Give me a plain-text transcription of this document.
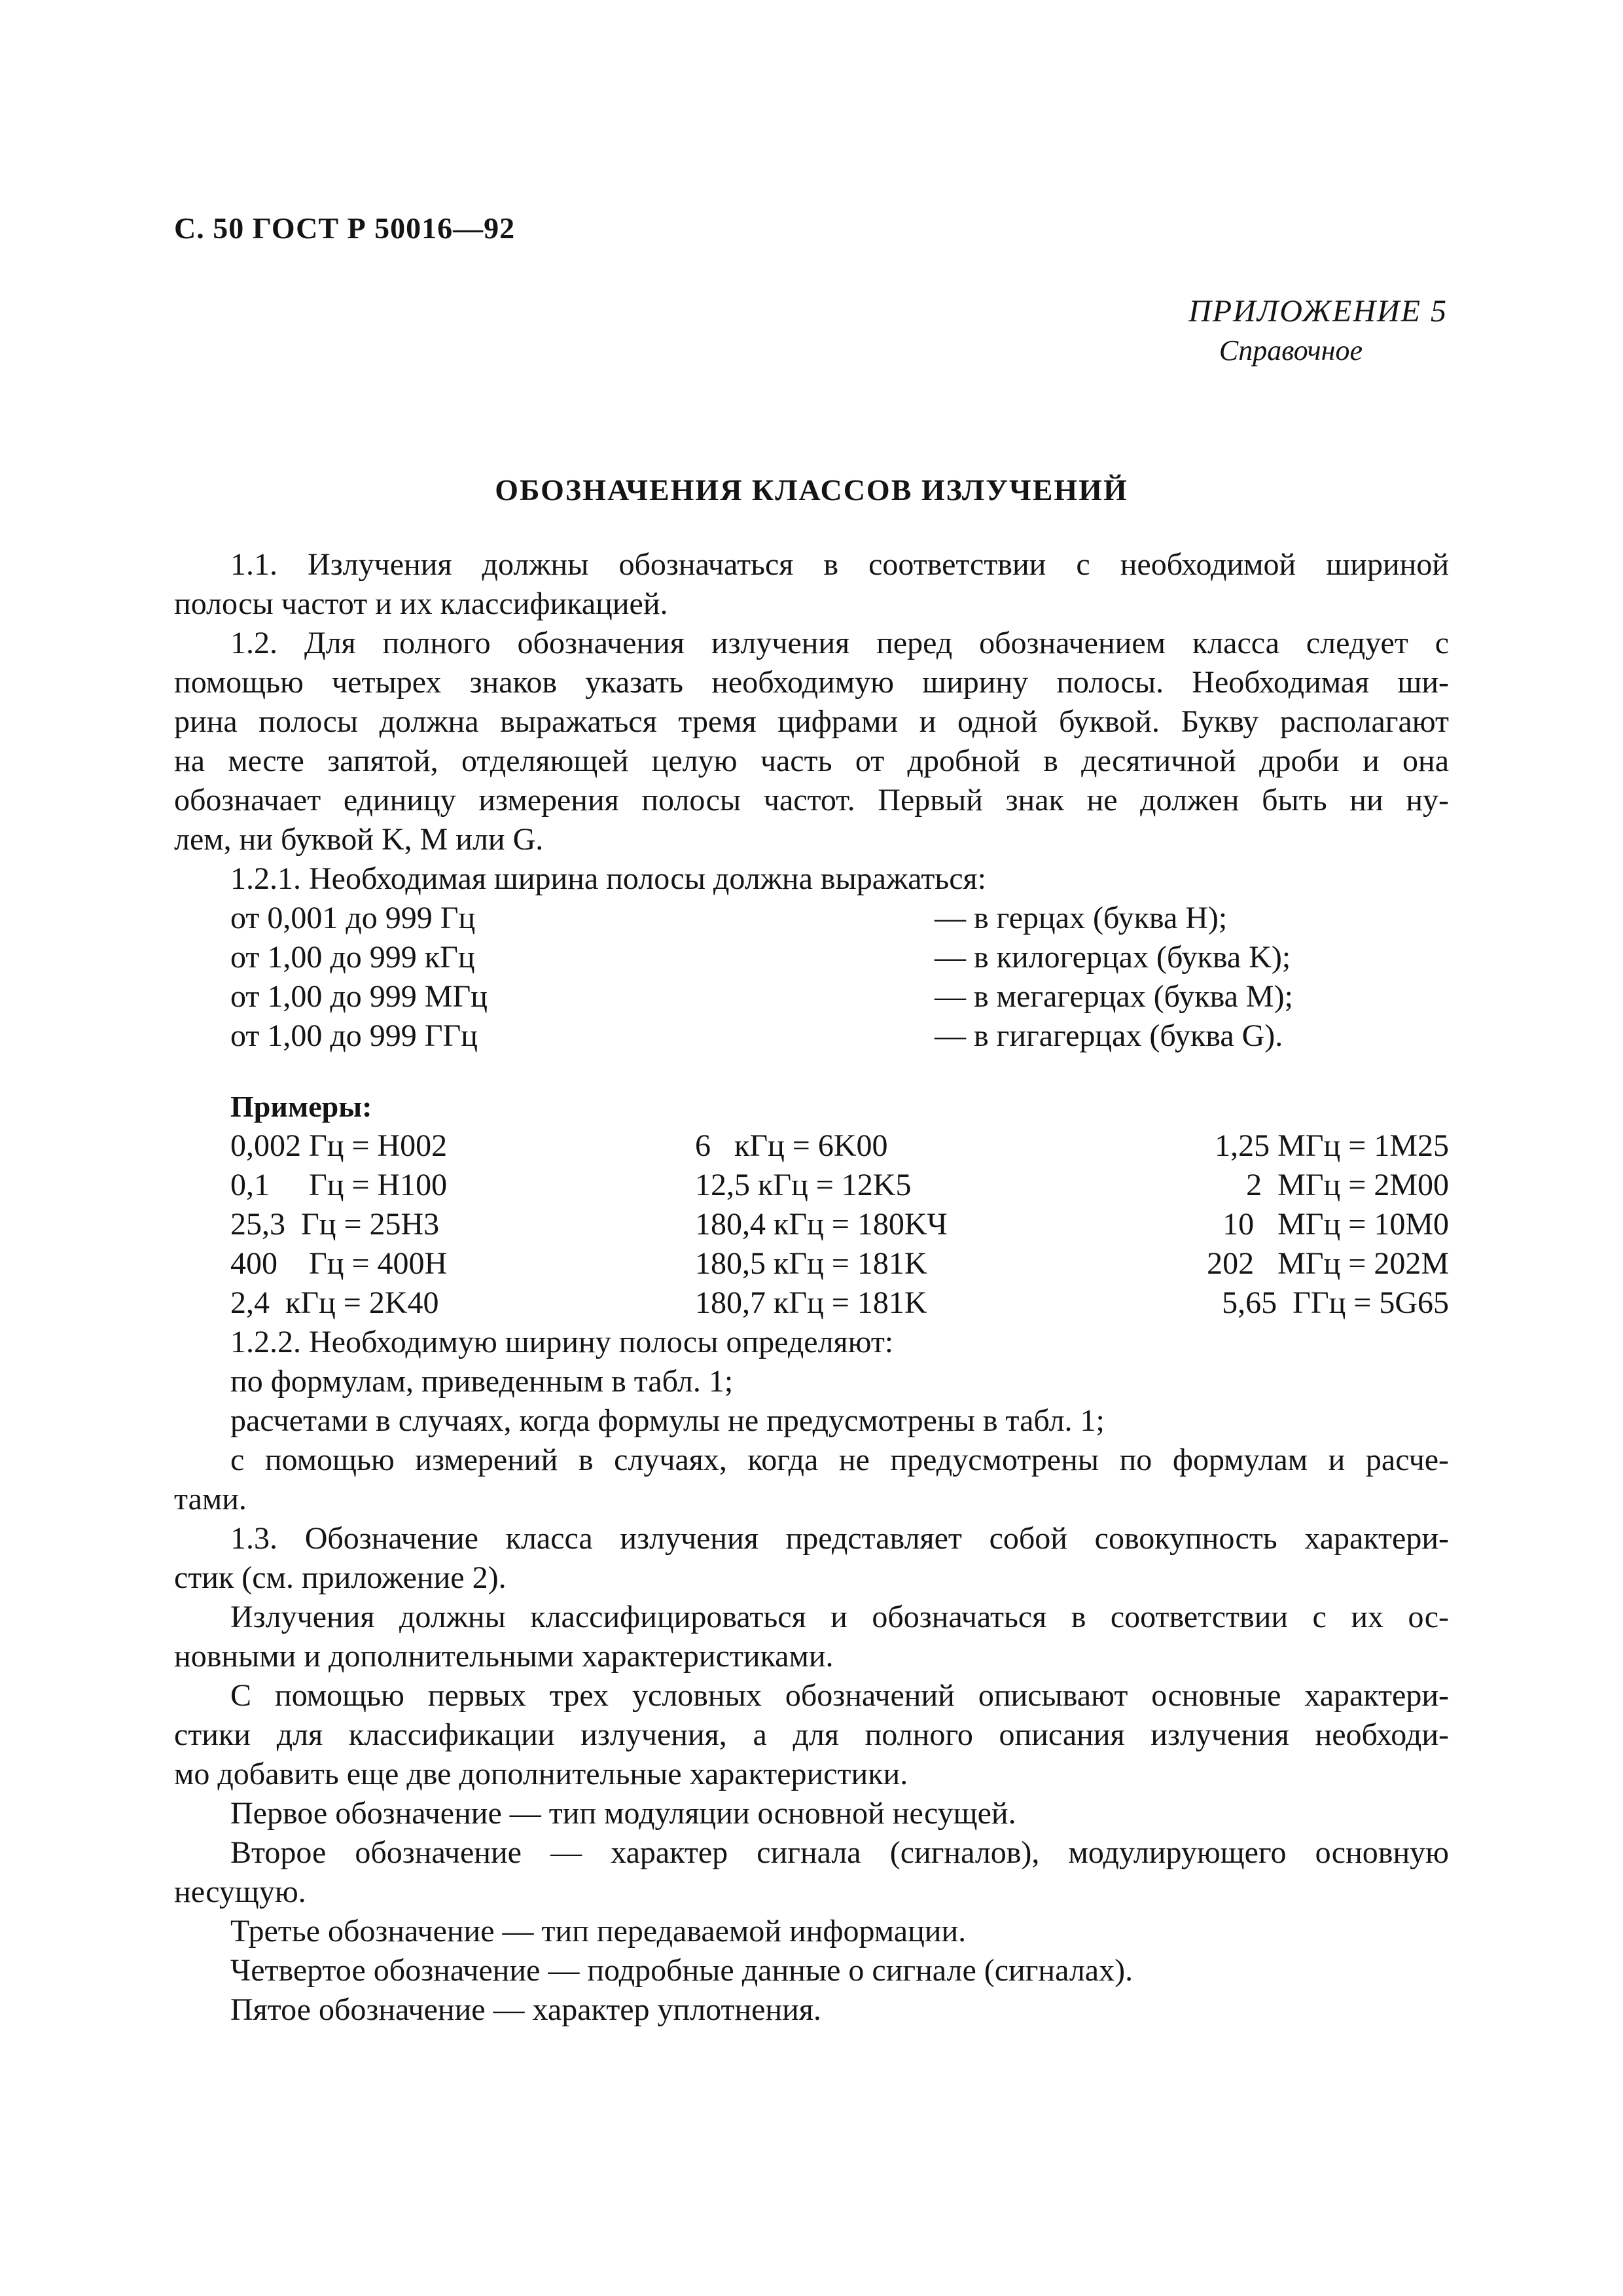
С. 50 ГОСТ Р 50016—92
ПРИЛОЖЕНИЕ 5
Справочное
ОБОЗНАЧЕНИЯ КЛАССОВ ИЗЛУЧЕНИЙ

1.1. Излучения должны обозначаться в соответствии с необходимой шириной

полосы частот и их классификацией.

1.2. Для полного обозначения излучения перед обозначением класса следует с

помощью четырех знаков указать необходимую ширину полосы. Необходимая ши-

рина полосы должна выражаться тремя цифрами и одной буквой. Букву располагают

на месте запятой, отделяющей целую часть от дробной в десятичной дроби и она

обозначает единицу измерения полосы частот. Первый знак не должен быть ни ну-

лем, ни буквой K, M или G.

1.2.1. Необходимая ширина полосы должна выражаться:

от 0,001 до 999 Гц	— в герцах (буква H);
от 1,00 до 999 кГц	— в килогерцах (буква K);
от 1,00 до 999 МГц	— в мегагерцах (буква M);
от 1,00 до 999 ГГц	— в гигагерцах (буква G).
Примеры:
0,002 Гц = H002	6   кГц = 6K00	1,25 МГц = 1M25
0,1     Гц = H100	12,5 кГц = 12K5	2  МГц = 2M00
25,3  Гц = 25H3	180,4 кГц = 180KЧ	10   МГц = 10M0
400    Гц = 400H	180,5 кГц = 181K	202   МГц = 202M
2,4  кГц = 2K40	180,7 кГц = 181K	5,65  ГГц = 5G65

1.2.2. Необходимую ширину полосы определяют:

по формулам, приведенным в табл. 1;

расчетами в случаях, когда формулы не предусмотрены в табл. 1;

с помощью измерений в случаях, когда не предусмотрены по формулам и расче-

тами.

1.3. Обозначение класса излучения представляет собой совокупность характери-

стик (см. приложение 2).

Излучения должны классифицироваться и обозначаться в соответствии с их ос-

новными и дополнительными характеристиками.

С помощью первых трех условных обозначений описывают основные характери-

стики для классификации излучения, а для полного описания излучения необходи-

мо добавить еще две дополнительные характеристики.

Первое обозначение — тип модуляции основной несущей.

Второе обозначение — характер сигнала (сигналов), модулирующего основную

несущую.

Третье обозначение — тип передаваемой информации.

Четвертое обозначение — подробные данные о сигнале (сигналах).

Пятое обозначение — характер уплотнения.
